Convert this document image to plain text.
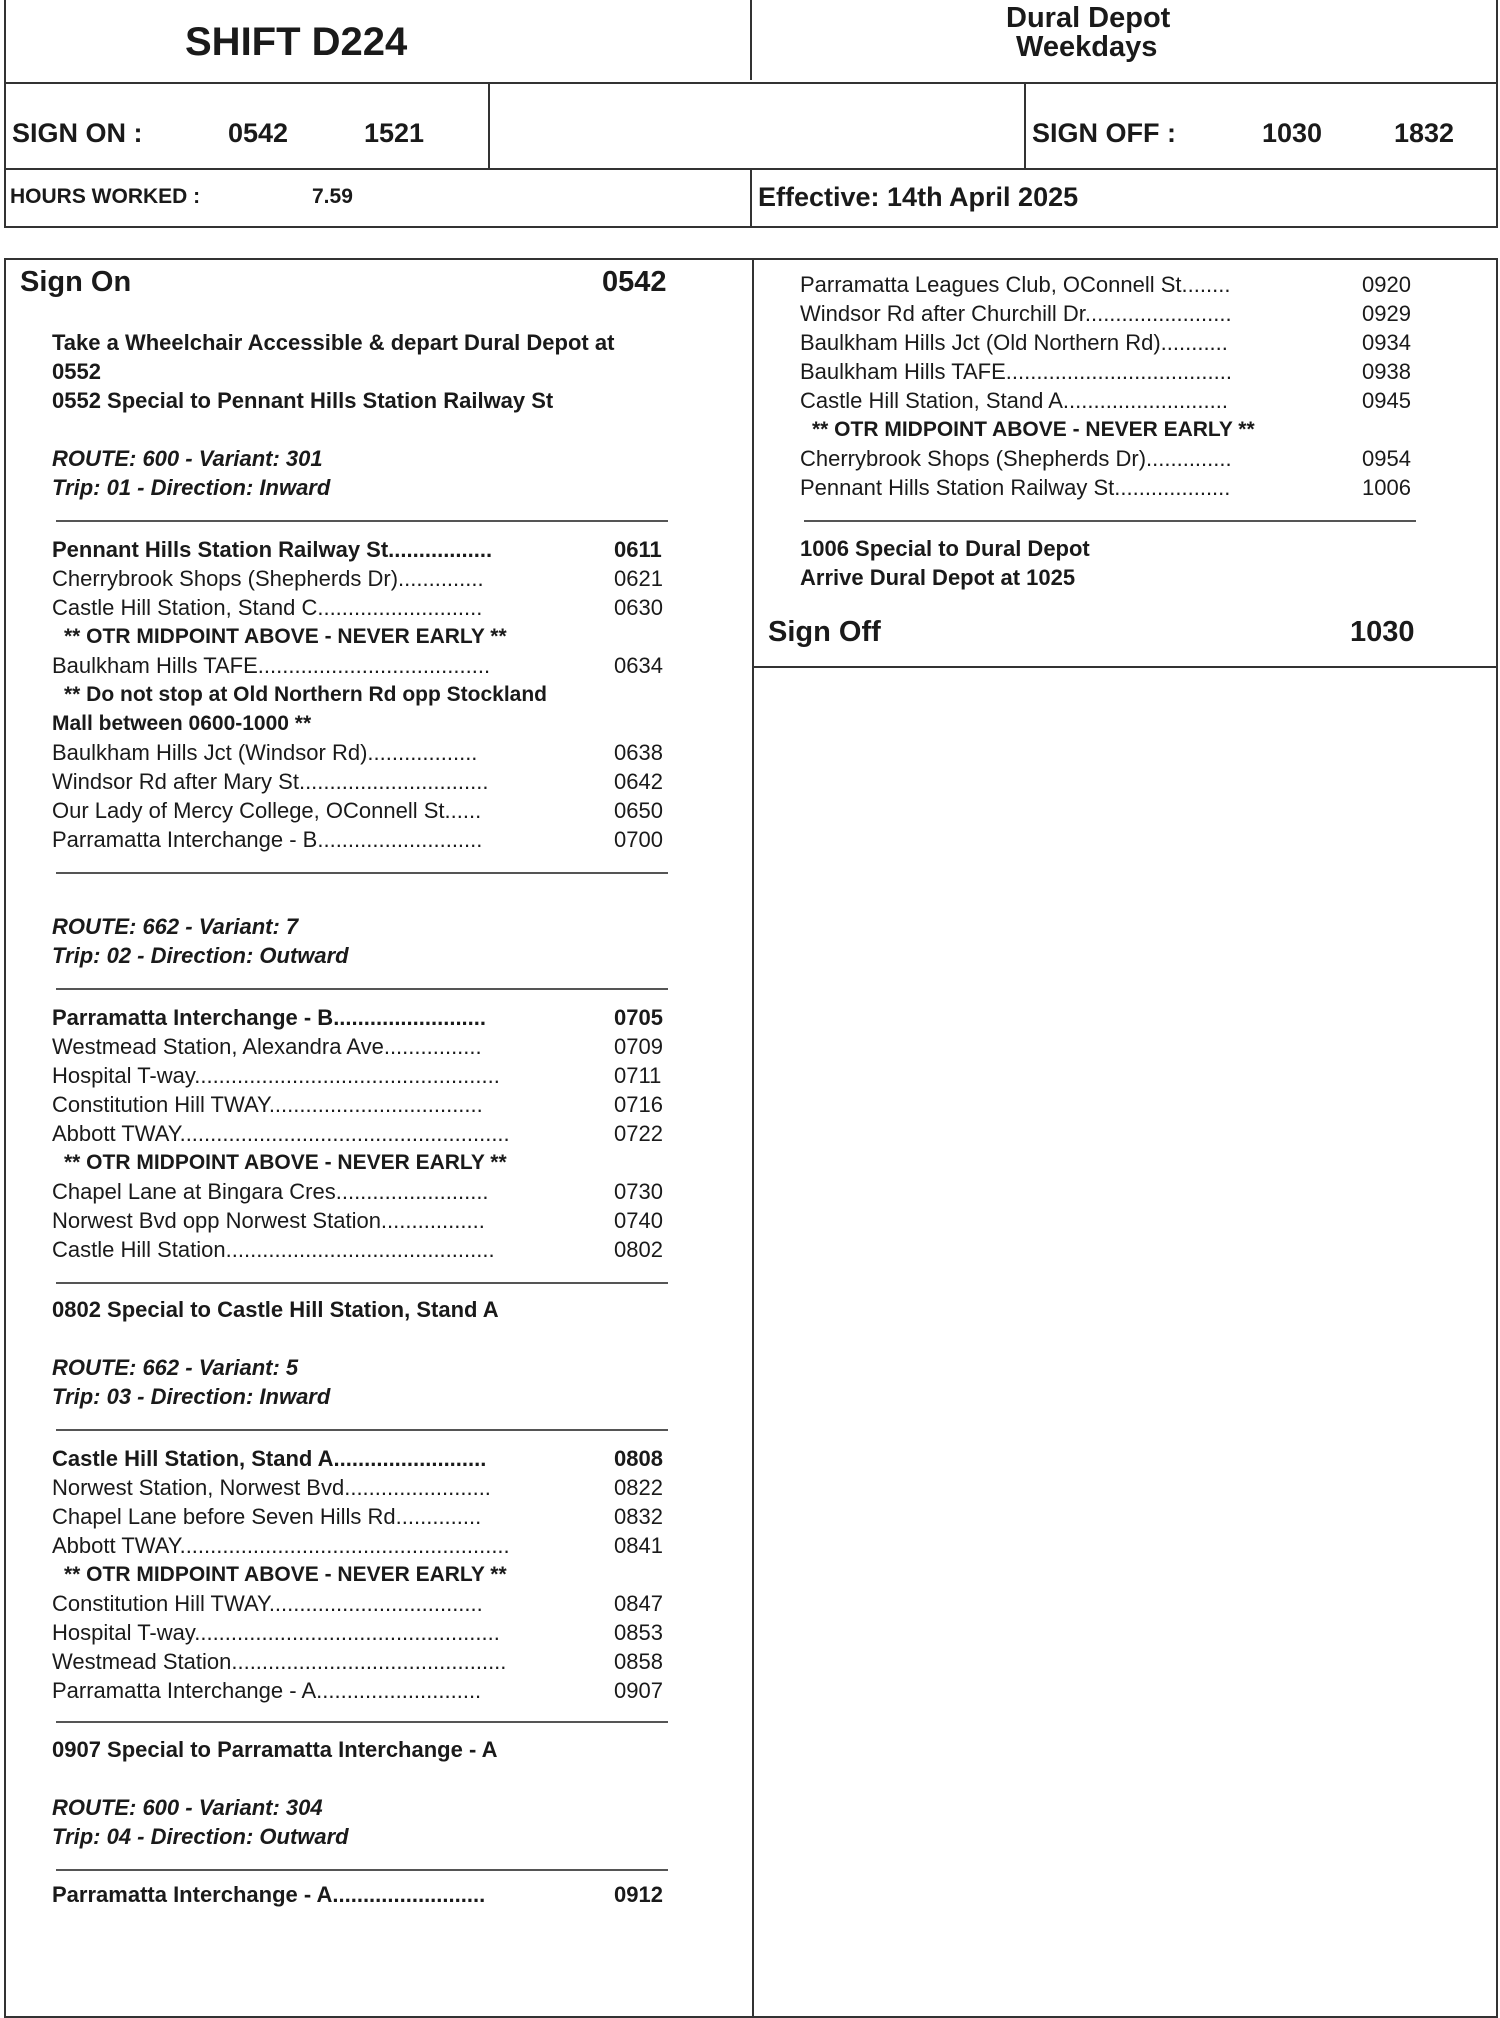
SHIFT D224
Dural Depot
Weekdays
SIGN ON :	0542	1521	SIGN OFF :	1030	1832
HOURS WORKED :	7.59	Effective: 14th April 2025
Sign On	0542
Take a Wheelchair Accessible & depart Dural Depot at
0552
0552 Special to Pennant Hills Station Railway St
ROUTE: 600 - Variant: 301
Trip: 01 - Direction: Inward
Pennant Hills Station Railway St.................	0611
Cherrybrook Shops (Shepherds Dr)..............	0621
Castle Hill Station, Stand C...........................	0630
** OTR MIDPOINT ABOVE - NEVER EARLY **
Baulkham Hills TAFE......................................	0634
** Do not stop at Old Northern Rd opp Stockland
Mall between 0600-1000 **
Baulkham Hills Jct (Windsor Rd)..................	0638
Windsor Rd after Mary St...............................	0642
Our Lady of Mercy College, OConnell St......	0650
Parramatta Interchange - B...........................	0700
ROUTE: 662 - Variant: 7
Trip: 02 - Direction: Outward
Parramatta Interchange - B.........................	0705
Westmead Station, Alexandra Ave................	0709
Hospital T-way..................................................	0711
Constitution Hill TWAY...................................	0716
Abbott TWAY......................................................	0722
** OTR MIDPOINT ABOVE - NEVER EARLY **
Chapel Lane at Bingara Cres.........................	0730
Norwest Bvd opp Norwest Station.................	0740
Castle Hill Station............................................	0802
0802 Special to Castle Hill Station, Stand A
ROUTE: 662 - Variant: 5
Trip: 03 - Direction: Inward
Castle Hill Station, Stand A.........................	0808
Norwest Station, Norwest Bvd........................	0822
Chapel Lane before Seven Hills Rd..............	0832
Abbott TWAY......................................................	0841
** OTR MIDPOINT ABOVE - NEVER EARLY **
Constitution Hill TWAY...................................	0847
Hospital T-way..................................................	0853
Westmead Station.............................................	0858
Parramatta Interchange - A...........................	0907
0907 Special to Parramatta Interchange - A
ROUTE: 600 - Variant: 304
Trip: 04 - Direction: Outward
Parramatta Interchange - A.........................	0912
Parramatta Leagues Club, OConnell St........	0920
Windsor Rd after Churchill Dr........................	0929
Baulkham Hills Jct (Old Northern Rd)...........	0934
Baulkham Hills TAFE.....................................	0938
Castle Hill Station, Stand A...........................	0945
** OTR MIDPOINT ABOVE - NEVER EARLY **
Cherrybrook Shops (Shepherds Dr)..............	0954
Pennant Hills Station Railway St...................	1006
1006 Special to Dural Depot
Arrive Dural Depot at 1025
Sign Off	1030
